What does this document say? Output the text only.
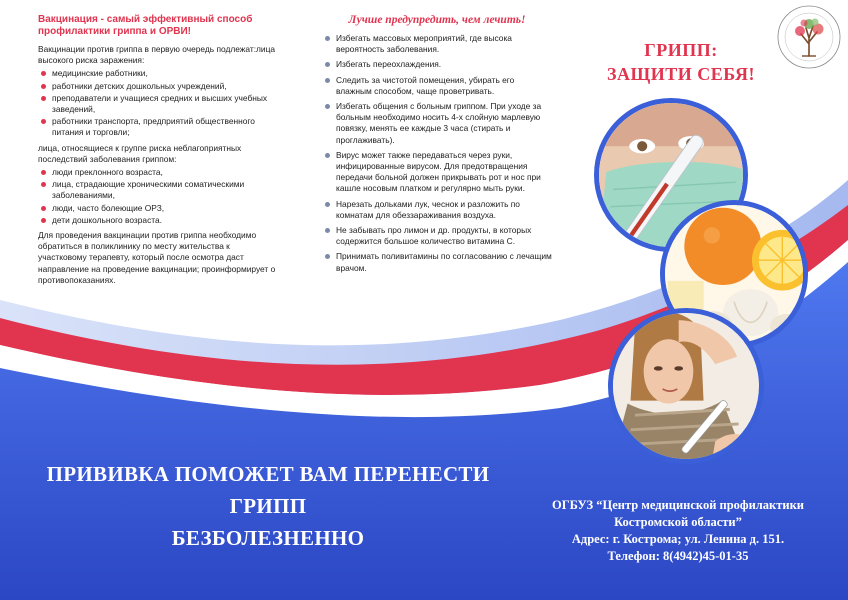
Вакцинация - самый эффективный способ профилактики гриппа и ОРВИ!

Вакцинации против гриппа в первую очередь подлежат:лица высокого риска заражения:

медицинские работники,
работники детских дошкольных учреждений,
преподаватели и учащиеся средних и высших учебных заведений,
работники транспорта, предприятий общественного питания и торговли;

лица, относящиеся к группе риска неблагоприятных последствий заболевания гриппом:

люди преклонного возраста,
лица, страдающие хроническими соматическими заболеваниями,
люди, часто болеющие ОРЗ,
дети дошкольного возраста.

Для проведения вакцинации против гриппа необходимо обратиться в поликлинику по месту жительства к участковому терапевту, который после осмотра даст направление на проведение вакцинации; проинформирует о противопоказаниях.

Лучше предупредить, чем лечить!

Избегать массовых мероприятий, где высока вероятность заболевания.
Избегать переохлаждения.
Следить за чистотой помещения, убирать его влажным способом, чаще проветривать.
Избегать общения с больным гриппом. При уходе за больным необходимо носить 4-х слойную марлевую повязку, менять ее каждые 3 часа (стирать и проглаживать).
Вирус может также передаваться через руки, инфицированные вирусом. Для предотвращения передачи больной должен прикрывать рот и нос при кашле носовым платком и регулярно мыть руки.
Нарезать дольками лук, чеснок и разложить по комнатам для обеззараживания воздуха.
Не забывать про лимон и др. продукты, в которых содержится большое количество витамина С.
Принимать поливитамины по согласованию с лечащим врачом.
ГРИПП:
ЗАЩИТИ СЕБЯ!
ПРИВИВКА ПОМОЖЕТ ВАМ ПЕРЕНЕСТИ ГРИПП
БЕЗБОЛЕЗНЕННО
ОГБУЗ “Центр медицинской профилактики
Костромской области”
Адрес: г. Кострома; ул. Ленина д. 151.
Телефон: 8(4942)45-01-35
